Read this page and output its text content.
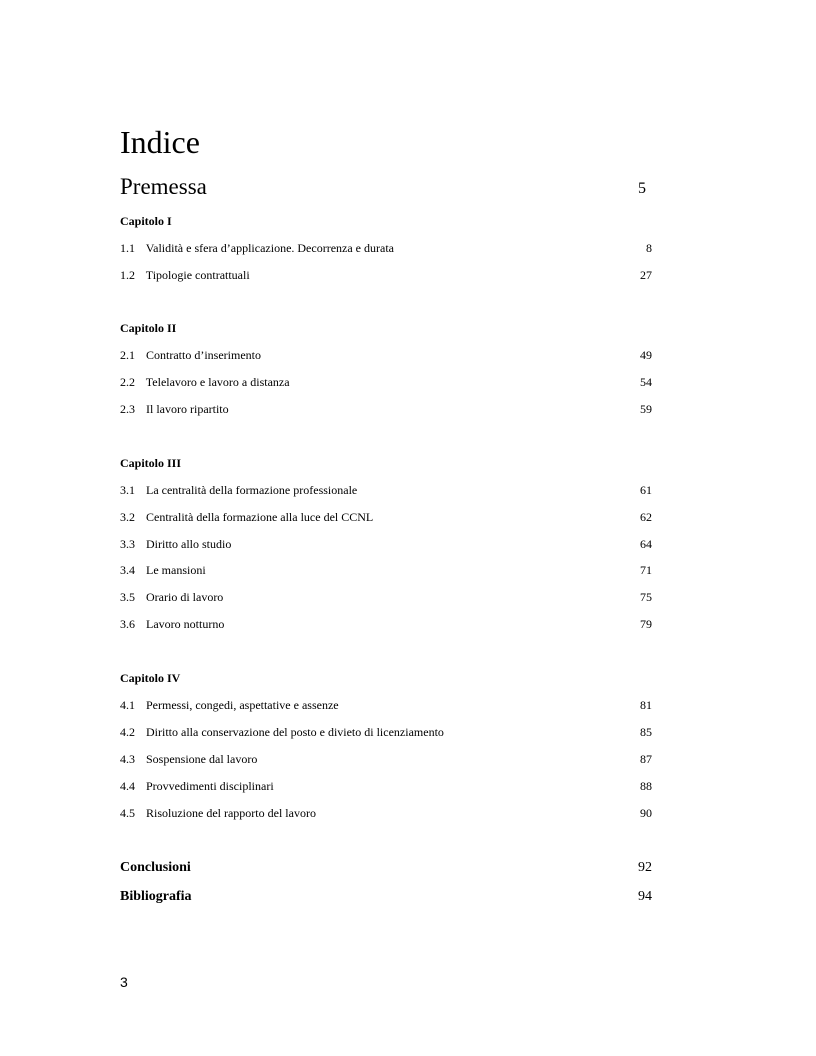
Indice
Premessa	5
Capitolo I
1.1 Validità e sfera d’applicazione. Decorrenza e durata	8
1.2 Tipologie contrattuali	27
Capitolo II
2.1 Contratto d’inserimento	49
2.2 Telelavoro e lavoro a distanza	54
2.3 Il lavoro ripartito	59
Capitolo III
3.1 La centralità della formazione professionale	61
3.2 Centralità della formazione alla luce del CCNL	62
3.3 Diritto allo studio	64
3.4 Le mansioni	71
3.5 Orario di lavoro	75
3.6 Lavoro notturno	79
Capitolo IV
4.1 Permessi, congedi, aspettative e assenze	81
4.2 Diritto alla conservazione del posto e divieto di licenziamento	85
4.3 Sospensione dal lavoro	87
4.4 Provvedimenti disciplinari	88
4.5 Risoluzione del rapporto del lavoro	90
Conclusioni	92
Bibliografia	94
3
